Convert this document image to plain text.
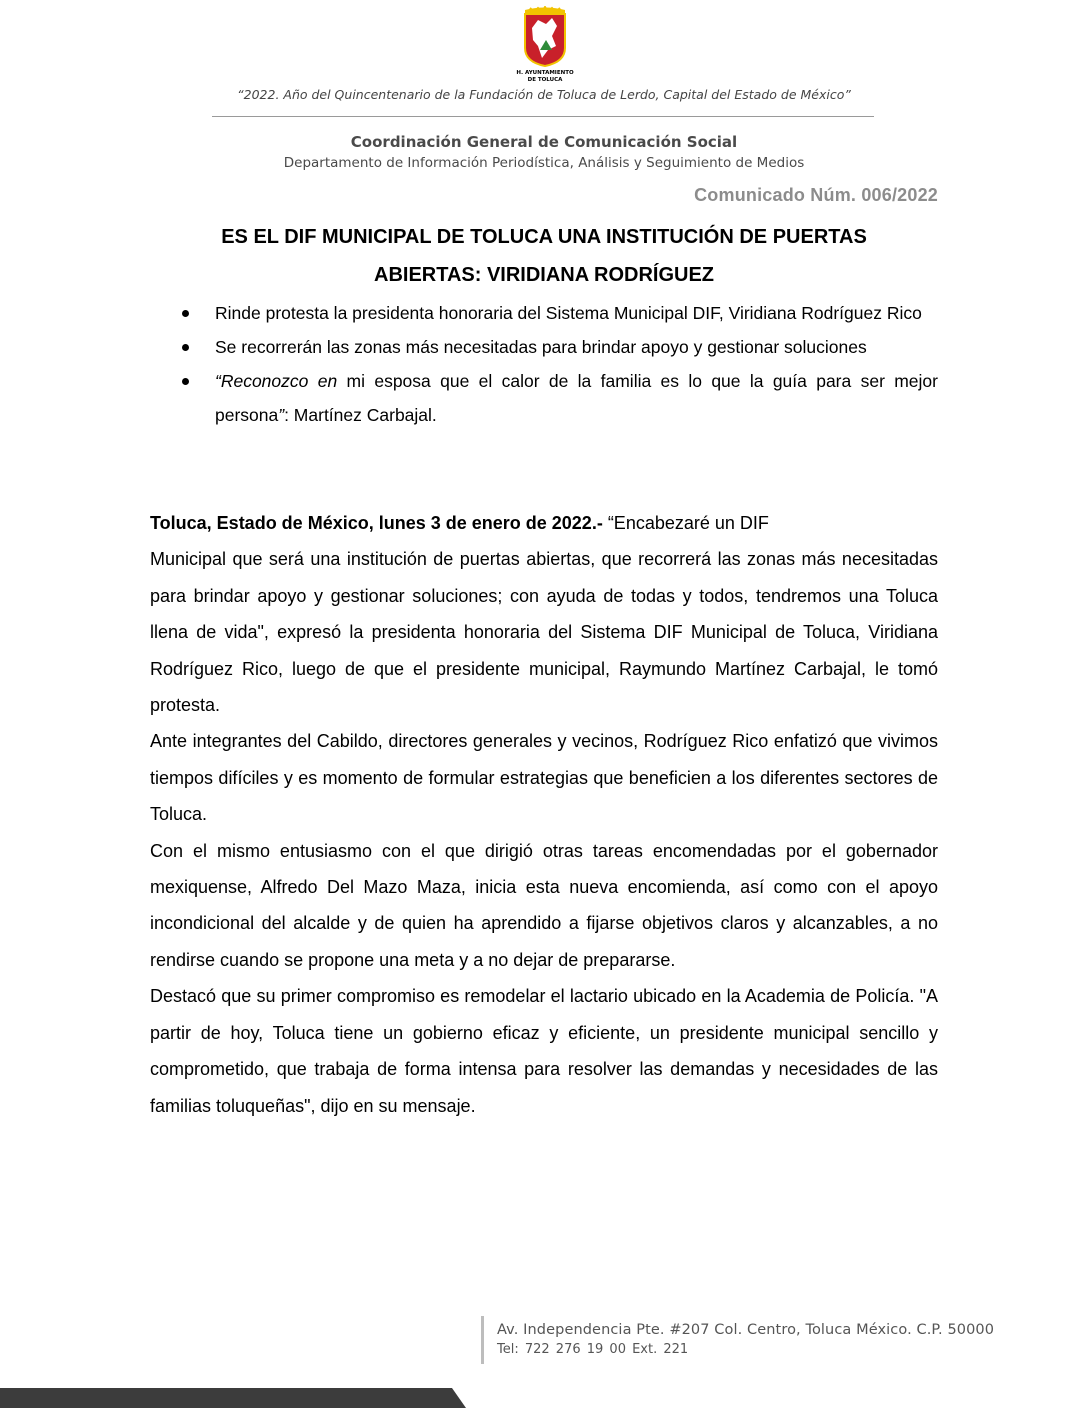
H. AYUNTAMIENTO
DE TOLUCA
“2022. Año del Quincentenario de la Fundación de Toluca de Lerdo, Capital del Estado de México”
Coordinación General de Comunicación Social
Departamento de Información Periodística, Análisis y Seguimiento de Medios
Comunicado Núm. 006/2022
ES EL DIF MUNICIPAL DE TOLUCA UNA INSTITUCIÓN DE PUERTAS
ABIERTAS: VIRIDIANA RODRÍGUEZ
Rinde protesta la presidenta honoraria del Sistema Municipal DIF, Viridiana Rodríguez Rico
Se recorrerán las zonas más necesitadas para brindar apoyo y gestionar soluciones
“Reconozco en mi esposa que el calor de la familia es lo que la guía para ser mejor persona”: Martínez Carbajal.

Toluca, Estado de México, lunes 3 de enero de 2022.- “Encabezaré un DIF

Municipal que será una institución de puertas abiertas, que recorrerá las zonas más necesitadas para brindar apoyo y gestionar soluciones; con ayuda de todas y todos, tendremos una Toluca llena de vida", expresó la presidenta honoraria del Sistema DIF Municipal de Toluca, Viridiana Rodríguez Rico, luego de que el presidente municipal, Raymundo Martínez Carbajal, le tomó protesta.

Ante integrantes del Cabildo, directores generales y vecinos, Rodríguez Rico enfatizó que vivimos tiempos difíciles y es momento de formular estrategias que beneficien a los diferentes sectores de Toluca.

Con el mismo entusiasmo con el que dirigió otras tareas encomendadas por el gobernador mexiquense, Alfredo Del Mazo Maza, inicia esta nueva encomienda, así como con el apoyo incondicional del alcalde y de quien ha aprendido a fijarse objetivos claros y alcanzables, a no rendirse cuando se propone una meta y a no dejar de prepararse.

Destacó que su primer compromiso es remodelar el lactario ubicado en la Academia de Policía. "A partir de hoy, Toluca tiene un gobierno eficaz y eficiente, un presidente municipal sencillo y comprometido, que trabaja de forma intensa para resolver las demandas y necesidades de las familias toluqueñas", dijo en su mensaje.

Av. Independencia Pte. #207 Col. Centro, Toluca México. C.P. 50000
Tel: 722 276 19 00 Ext. 221
